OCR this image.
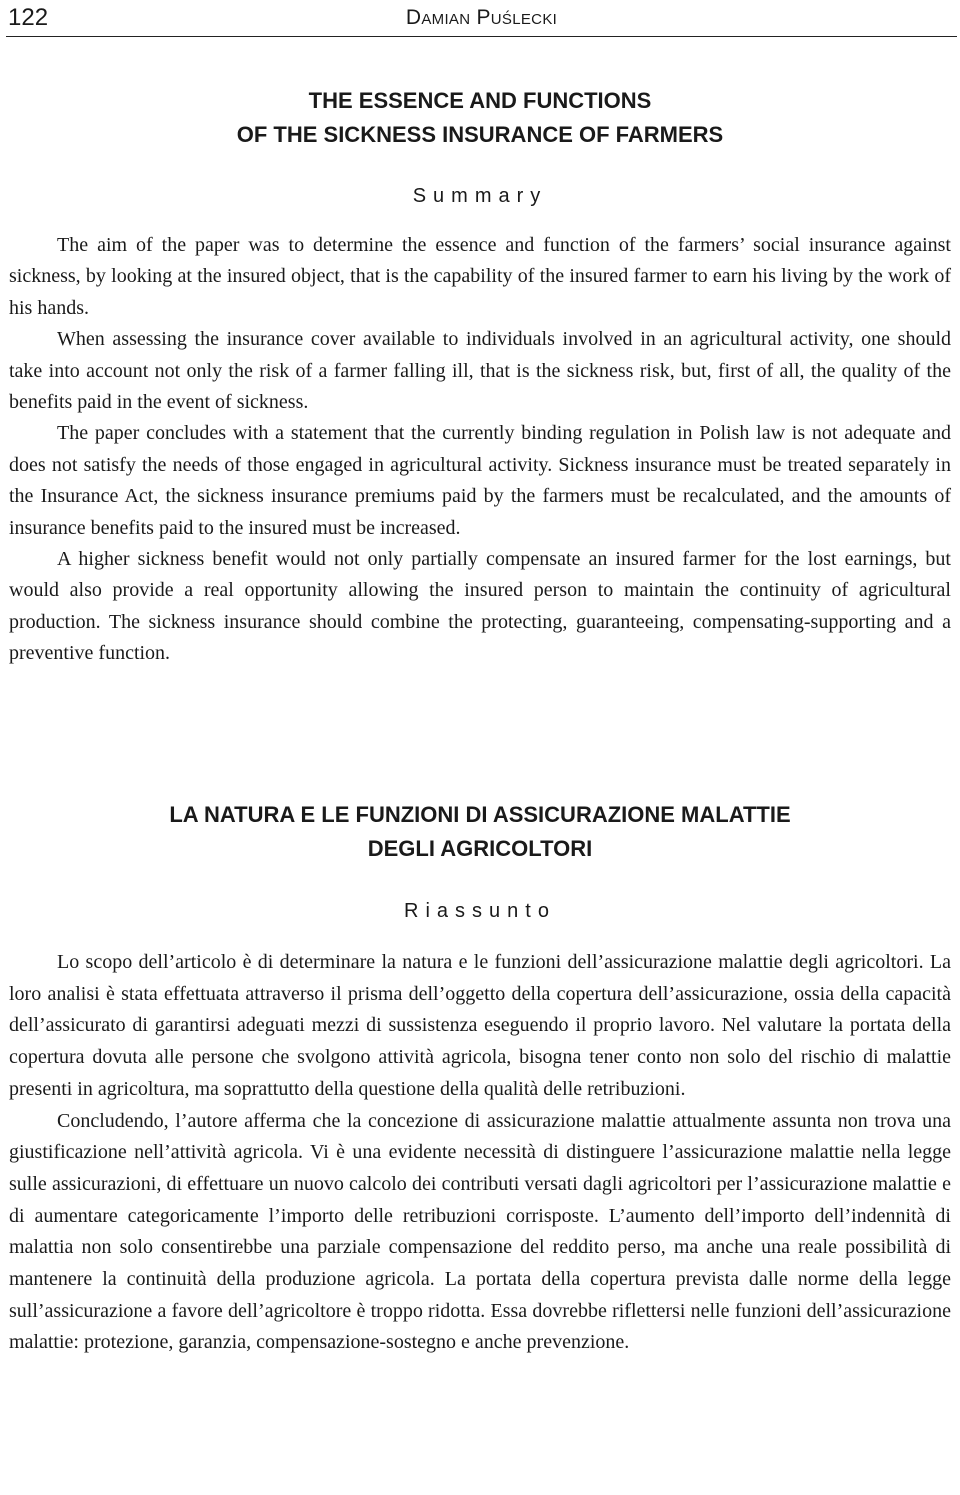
122	Damian Puślecki
THE ESSENCE AND FUNCTIONS
OF THE SICKNESS INSURANCE OF FARMERS
Summary

The aim of the paper was to determine the essence and function of the farmers’ social insurance against sickness, by looking at the insured object, that is the capability of the insured farmer to earn his living by the work of his hands.

When assessing the insurance cover available to individuals involved in an agricultural activity, one should take into account not only the risk of a farmer falling ill, that is the sickness risk, but, first of all, the quality of the benefits paid in the event of sickness.

The paper concludes with a statement that the currently binding regulation in Polish law is not adequate and does not satisfy the needs of those engaged in agricultural activity. Sickness insurance must be treated separately in the Insurance Act, the sickness insurance premiums paid by the farmers must be recalculated, and the amounts of insurance benefits paid to the insured must be increased.

A higher sickness benefit would not only partially compensate an insured farmer for the lost earnings, but would also provide a real opportunity allowing the insured person to maintain the continuity of agricultural production. The sickness insurance should combine the protecting, guaranteeing, compensating-supporting and a preventive function.

LA NATURA E LE FUNZIONI DI ASSICURAZIONE MALATTIE
DEGLI AGRICOLTORI
Riassunto

Lo scopo dell’articolo è di determinare la natura e le funzioni dell’assicurazione malattie degli agricoltori. La loro analisi è stata effettuata attraverso il prisma dell’oggetto della copertura dell’assicurazione, ossia della capacità dell’assicurato di garantirsi adeguati mezzi di sussistenza eseguendo il proprio lavoro. Nel valutare la portata della copertura dovuta alle persone che svolgono attività agricola, bisogna tener conto non solo del rischio di malattie presenti in agricoltura, ma soprattutto della questione della qualità delle retribuzioni.

Concludendo, l’autore afferma che la concezione di assicurazione malattie attualmente assunta non trova una giustificazione nell’attività agricola. Vi è una evidente necessità di distinguere l’assicurazione malattie nella legge sulle assicurazioni, di effettuare un nuovo calcolo dei contributi versati dagli agricoltori per l’assicurazione malattie e di aumentare categoricamente l’importo delle retribuzioni corrisposte. L’aumento dell’importo dell’indennità di malattia non solo consentirebbe una parziale compensazione del reddito perso, ma anche una reale possibilità di mantenere la continuità della produzione agricola. La portata della copertura prevista dalle norme della legge sull’assicurazione a favore dell’agricoltore è troppo ridotta. Essa dovrebbe riflettersi nelle funzioni dell’assicurazione malattie: protezione, garanzia, compensazione-sostegno e anche prevenzione.
